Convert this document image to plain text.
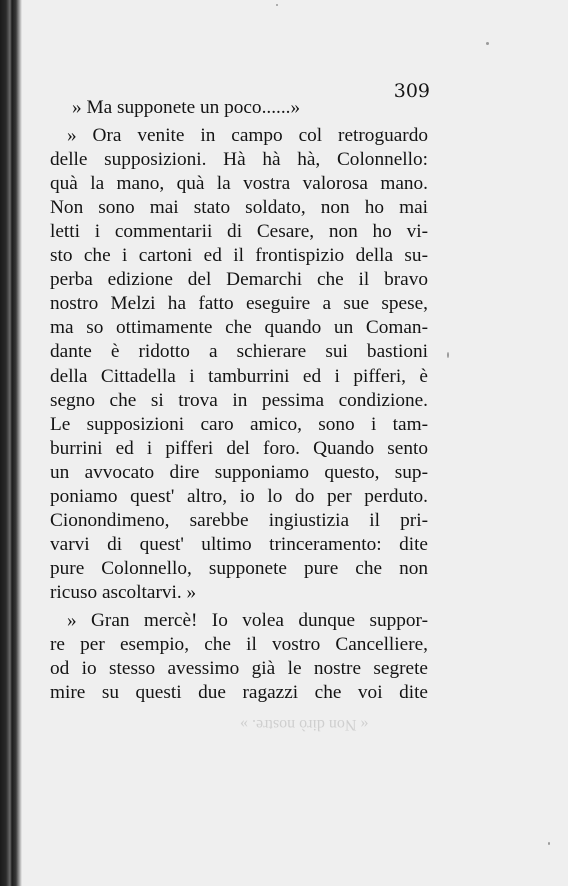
309
» Ma supponete un poco......»
» Ora venite in campo col retroguardo
delle supposizioni. Hà hà hà, Colonnello:
quà la mano, quà la vostra valorosa mano.
Non sono mai stato soldato, non ho mai
letti i commentarii di Cesare, non ho vi-
sto che i cartoni ed il frontispizio della su-
perba edizione del Demarchi che il bravo
nostro Melzi ha fatto eseguire a sue spese,
ma so ottimamente che quando un Coman-
dante è ridotto a schierare sui bastioni
della Cittadella i tamburrini ed i pifferi, è
segno che si trova in pessima condizione.
Le supposizioni caro amico, sono i tam-
burrini ed i pifferi del foro. Quando sento
un avvocato dire supponiamo questo, sup-
poniamo quest' altro, io lo do per perduto.
Cionondimeno, sarebbe ingiustizia il pri-
varvi di quest' ultimo trinceramento: dite
pure Colonnello, supponete pure che non
ricuso ascoltarvi. »
» Gran mercè! Io volea dunque suppor-
re per esempio, che il vostro Cancelliere,
od io stesso avessimo già le nostre segrete
mire su questi due ragazzi che voi dite
« Non dirò nostre. »
